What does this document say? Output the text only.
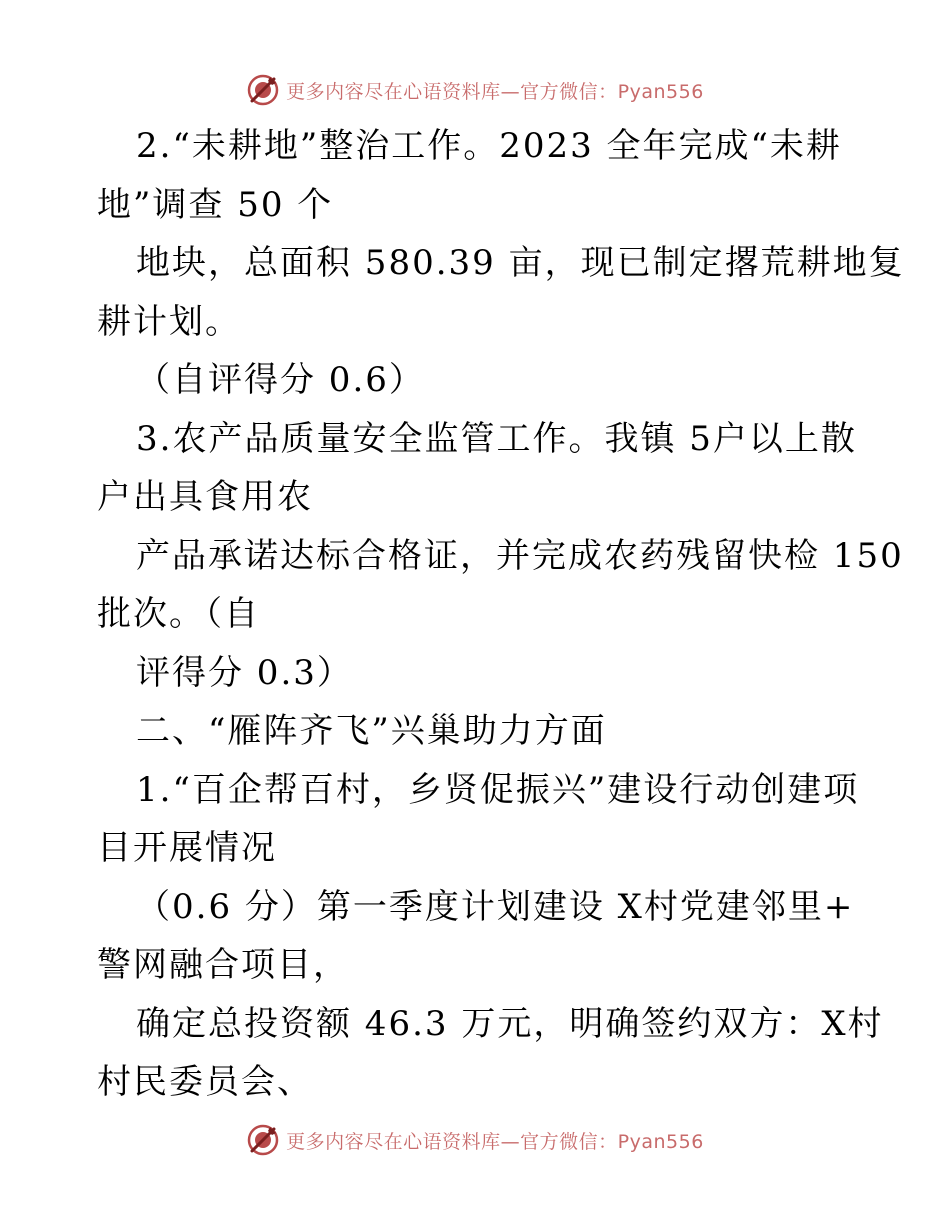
更多内容尽在心语资料库—官方微信：Pyan556
2.“未耕地”整治工作。2023 全年完成“未耕
地”调查 50 个
地块，总面积 580.39 亩，现已制定撂荒耕地复
耕计划。
（自评得分 0.6）
3.农产品质量安全监管工作。我镇 5户以上散
户出具食用农
产品承诺达标合格证，并完成农药残留快检 150
批次。（自
评得分 0.3）
二、“雁阵齐飞”兴巢助力方面
1.“百企帮百村，乡贤促振兴”建设行动创建项
目开展情况
（0.6 分）第一季度计划建设 X村党建邻里+
警网融合项目，
确定总投资额 46.3 万元，明确签约双方：X村
村民委员会、
更多内容尽在心语资料库—官方微信：Pyan556
